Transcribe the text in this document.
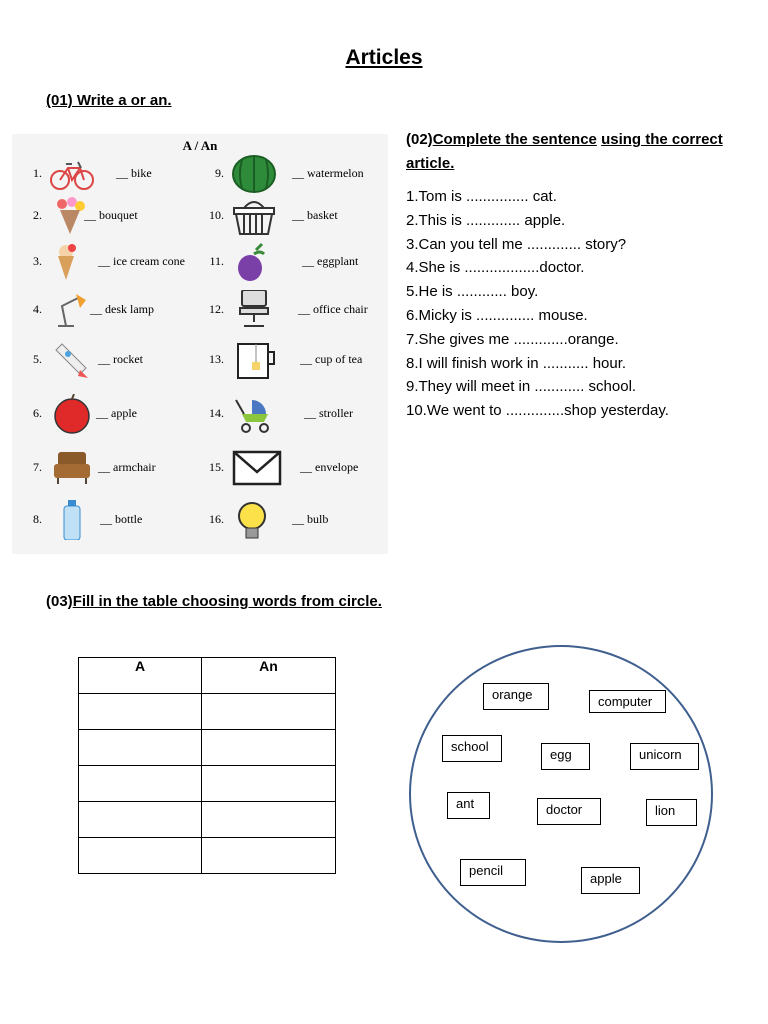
Articles
(01) Write a or an.
A / An
1.	__ bike
2.	__ bouquet
3.	__ ice cream cone
4.	__ desk lamp
5.	__ rocket
6.	__ apple
7.	__ armchair
8.	__ bottle
9.	__ watermelon
10.	__ basket
11.	__ eggplant
12.	__ office chair
13.	__ cup of tea
14.	__ stroller
15.	__ envelope
16.	__ bulb
(02)Complete the sentence using the correct article.
1.Tom is ............... cat.
2.This is ............. apple.
3.Can you tell me ............. story?
4.She is ..................doctor.
5.He is ............ boy.
6.Micky is .............. mouse.
7.She gives me .............orange.
8.I will finish work in ........... hour.
9.They will meet in ............ school.
10.We went to ..............shop yesterday.
(03)Fill in the table choosing words from circle.
A	An

orange	computer
school
egg	unicorn
ant	doctor	lion
pencil
apple
